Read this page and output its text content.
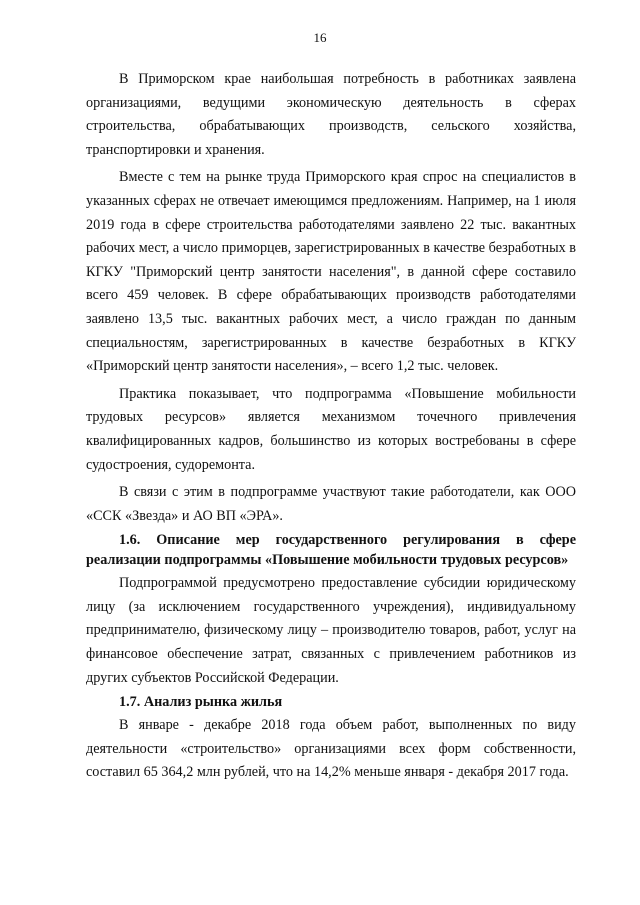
16

В Приморском крае наибольшая потребность в работниках заявлена организациями, ведущими экономическую деятельность в сферах строительства, обрабатывающих производств, сельского хозяйства, транспортировки и хранения.

Вместе с тем на рынке труда Приморского края спрос на специалистов в указанных сферах не отвечает имеющимся предложениям. Например, на 1 июля 2019 года в сфере строительства работодателями заявлено 22 тыс. вакантных рабочих мест, а число приморцев, зарегистрированных в качестве безработных в КГКУ "Приморский центр занятости населения", в данной сфере составило всего 459 человек. В сфере обрабатывающих производств работодателями заявлено 13,5 тыс. вакантных рабочих мест, а число граждан по данным специальностям, зарегистрированных в качестве безработных в КГКУ «Приморский центр занятости населения», – всего 1,2 тыс. человек.

Практика показывает, что подпрограмма «Повышение мобильности трудовых ресурсов» является механизмом точечного привлечения квалифицированных кадров, большинство из которых востребованы в сфере судостроения, судоремонта.

В связи с этим в подпрограмме участвуют такие работодатели, как ООО «ССК «Звезда» и АО ВП «ЭРА».

1.6. Описание мер государственного регулирования в сфере реализации подпрограммы «Повышение мобильности трудовых ресурсов»

Подпрограммой предусмотрено предоставление субсидии юридическому лицу (за исключением государственного учреждения), индивидуальному предпринимателю, физическому лицу – производителю товаров, работ, услуг на финансовое обеспечение затрат, связанных с привлечением работников из других субъектов Российской Федерации.

1.7. Анализ рынка жилья

В январе - декабре 2018 года объем работ, выполненных по виду деятельности «строительство» организациями всех форм собственности, составил 65 364,2 млн рублей, что на 14,2% меньше января - декабря 2017 года.
